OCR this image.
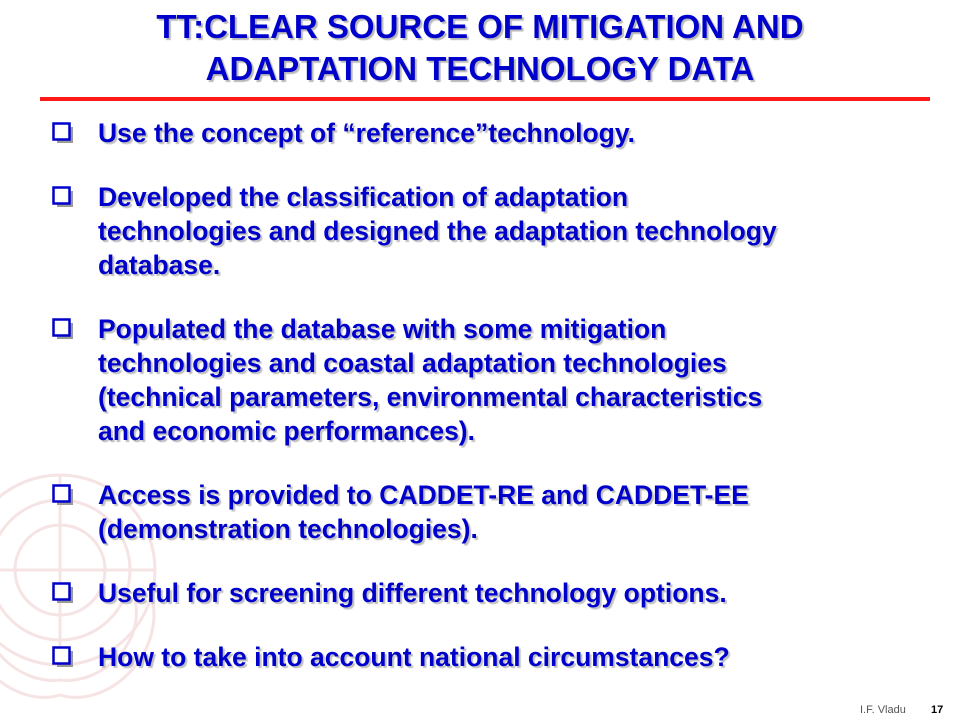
TT:CLEAR SOURCE OF MITIGATION AND
ADAPTATION TECHNOLOGY DATA
Use the concept of “reference”technology.
Developed the classification of adaptation
technologies and designed the adaptation technology
database.
Populated the database with some mitigation
technologies and coastal adaptation technologies
(technical parameters, environmental characteristics
and economic performances).
Access is provided to CADDET-RE and CADDET-EE
(demonstration technologies).
Useful for screening different technology options.
How to take into account national circumstances?
I.F. Vladu 17
